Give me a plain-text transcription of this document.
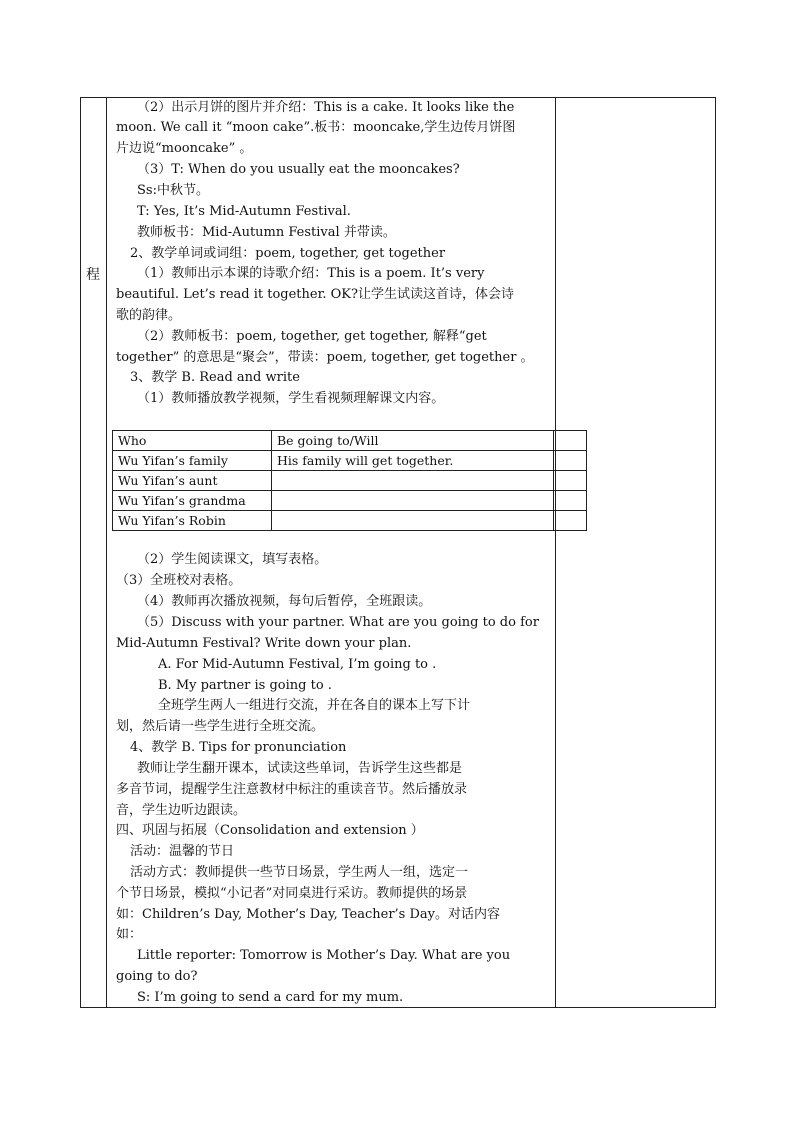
程
（2）出示月饼的图片并介绍：This is a cake. It looks like the
moon. We call it “moon cake”.板书：mooncake,学生边传月饼图
片边说“mooncake” 。
（3）T: When do you usually eat the mooncakes?
Ss:中秋节。
T: Yes, It’s Mid-Autumn Festival.
教师板书：Mid-Autumn Festival 并带读。
2、教学单词或词组：poem, together, get together
（1）教师出示本课的诗歌介绍：This is a poem. It’s very
beautiful. Let’s read it together. OK?让学生试读这首诗，体会诗
歌的韵律。
（2）教师板书：poem, together, get together, 解释“get
together” 的意思是“聚会”，带读：poem, together, get together 。
3、教学 B. Read and write
（1）教师播放教学视频，学生看视频理解课文内容。
Who	Be going to/Will	
Wu Yifan’s family	His family will get together.	
Wu Yifan’s aunt		
Wu Yifan’s grandma		
Wu Yifan’s Robin		
（2）学生阅读课文，填写表格。
（3）全班校对表格。
（4）教师再次播放视频，每句后暂停，全班跟读。
（5）Discuss with your partner. What are you going to do for
Mid-Autumn Festival? Write down your plan.
A. For Mid-Autumn Festival, I’m going to .
B. My partner is going to .
全班学生两人一组进行交流，并在各自的课本上写下计
划，然后请一些学生进行全班交流。
4、教学 B. Tips for pronunciation
教师让学生翻开课本，试读这些单词，告诉学生这些都是
多音节词，提醒学生注意教材中标注的重读音节。然后播放录
音，学生边听边跟读。
四、巩固与拓展（Consolidation and extension ）
活动：温馨的节日
活动方式：教师提供一些节日场景，学生两人一组，选定一
个节日场景，模拟“小记者”对同桌进行采访。教师提供的场景
如：Children’s Day, Mother’s Day, Teacher’s Day。对话内容
如：
Little reporter: Tomorrow is Mother’s Day. What are you
going to do?
S: I’m going to send a card for my mum.
